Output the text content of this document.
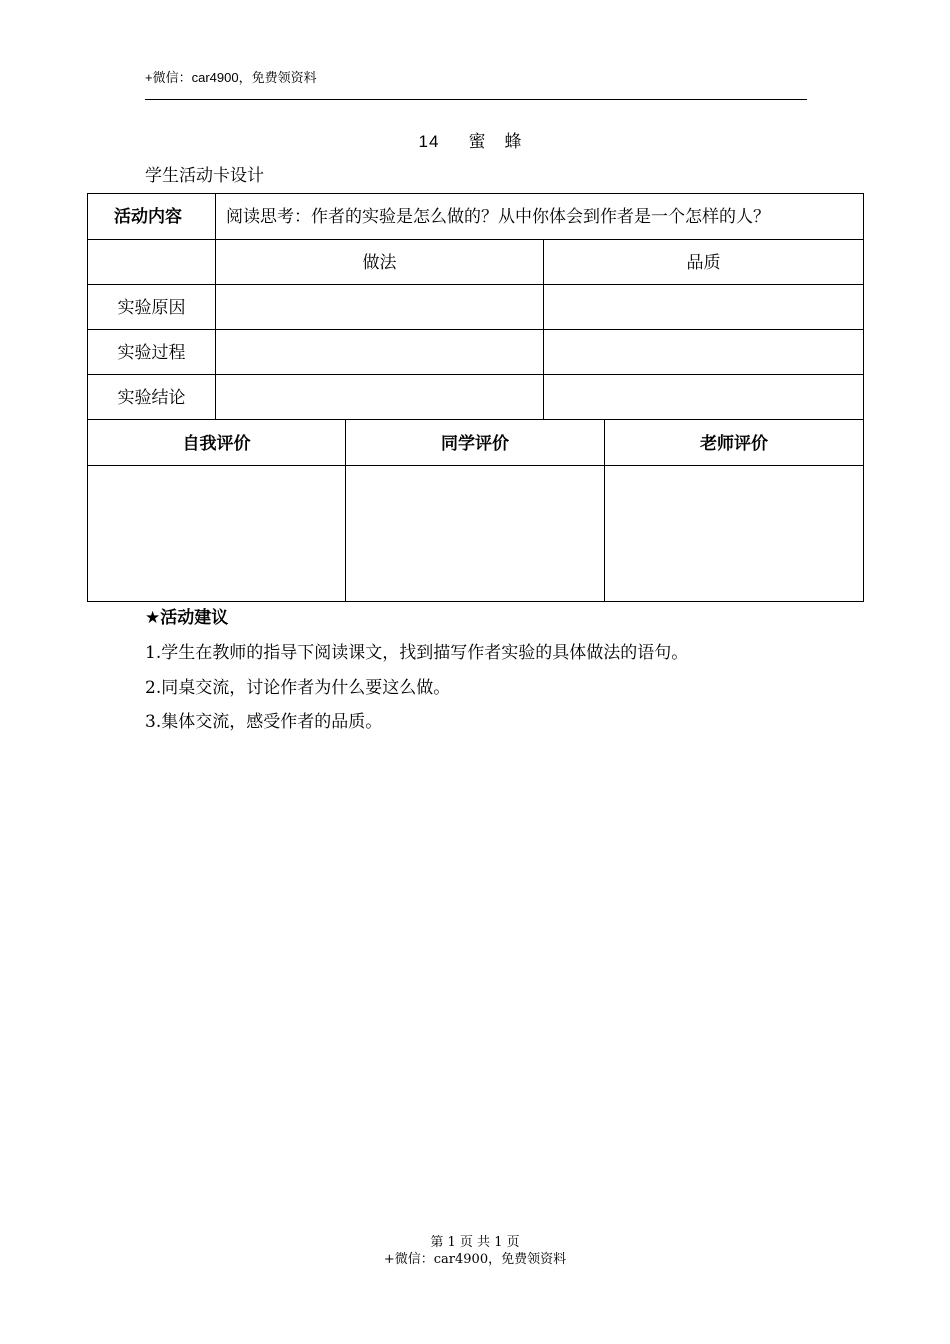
+微信：car4900，免费领资料
14 蜜 蜂
学生活动卡设计
活动内容	阅读思考：作者的实验是怎么做的？从中你体会到作者是一个怎样的人？	
	做法	品质
实验原因		
实验过程		
实验结论		
自我评价	同学评价	老师评价

★活动建议
1.学生在教师的指导下阅读课文，找到描写作者实验的具体做法的语句。
2.同桌交流，讨论作者为什么要这么做。
3.集体交流，感受作者的品质。
第 1 页 共 1 页
+微信：car4900，免费领资料
